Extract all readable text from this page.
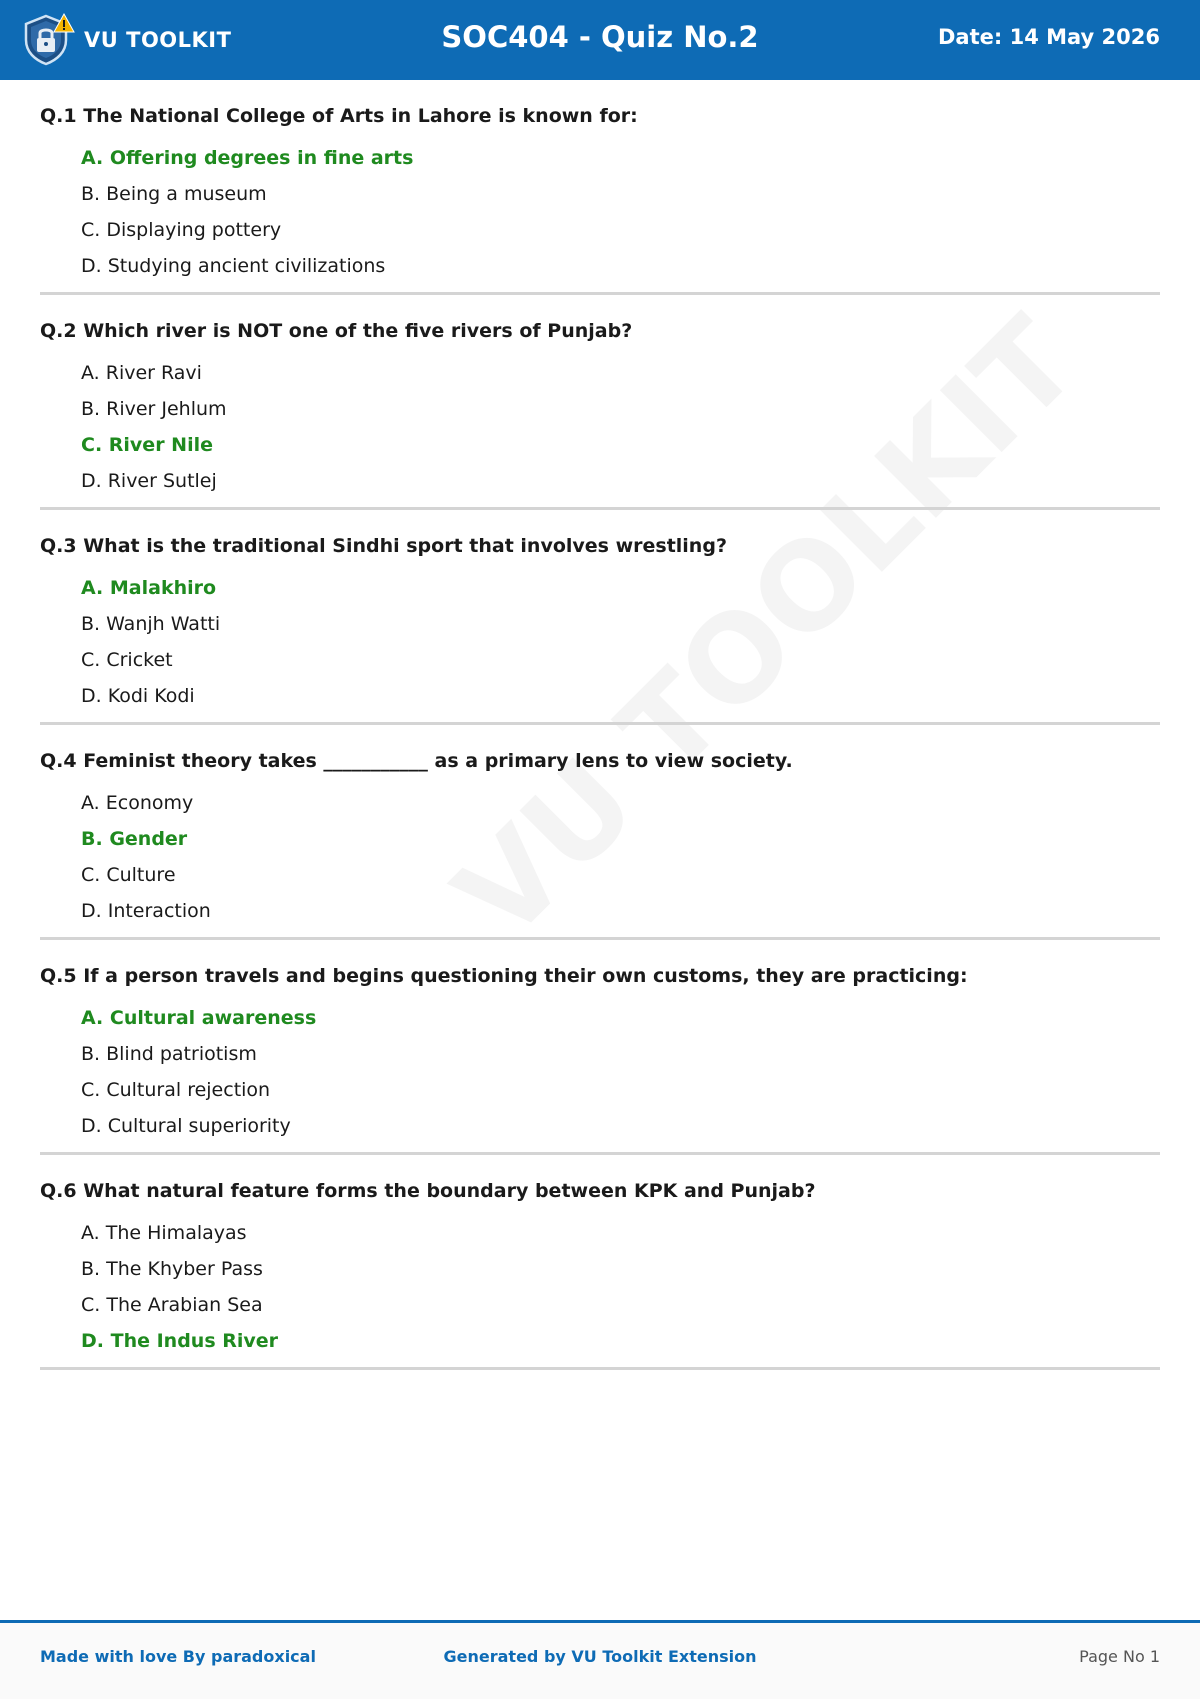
VU TOOLKIT	SOC404 - Quiz No.2	Date: 14 May 2026
Q.1 The National College of Arts in Lahore is known for:
A. Offering degrees in fine arts
B. Being a museum
C. Displaying pottery
D. Studying ancient civilizations
Q.2 Which river is NOT one of the five rivers of Punjab?
A. River Ravi
B. River Jehlum
C. River Nile
D. River Sutlej
Q.3 What is the traditional Sindhi sport that involves wrestling?
A. Malakhiro
B. Wanjh Watti
C. Cricket
D. Kodi Kodi
Q.4 Feminist theory takes ___________ as a primary lens to view society.
A. Economy
B. Gender
C. Culture
D. Interaction
Q.5 If a person travels and begins questioning their own customs, they are practicing:
A. Cultural awareness
B. Blind patriotism
C. Cultural rejection
D. Cultural superiority
Q.6 What natural feature forms the boundary between KPK and Punjab?
A. The Himalayas
B. The Khyber Pass
C. The Arabian Sea
D. The Indus River
Made with love By paradoxical	Generated by VU Toolkit Extension	Page No 1
